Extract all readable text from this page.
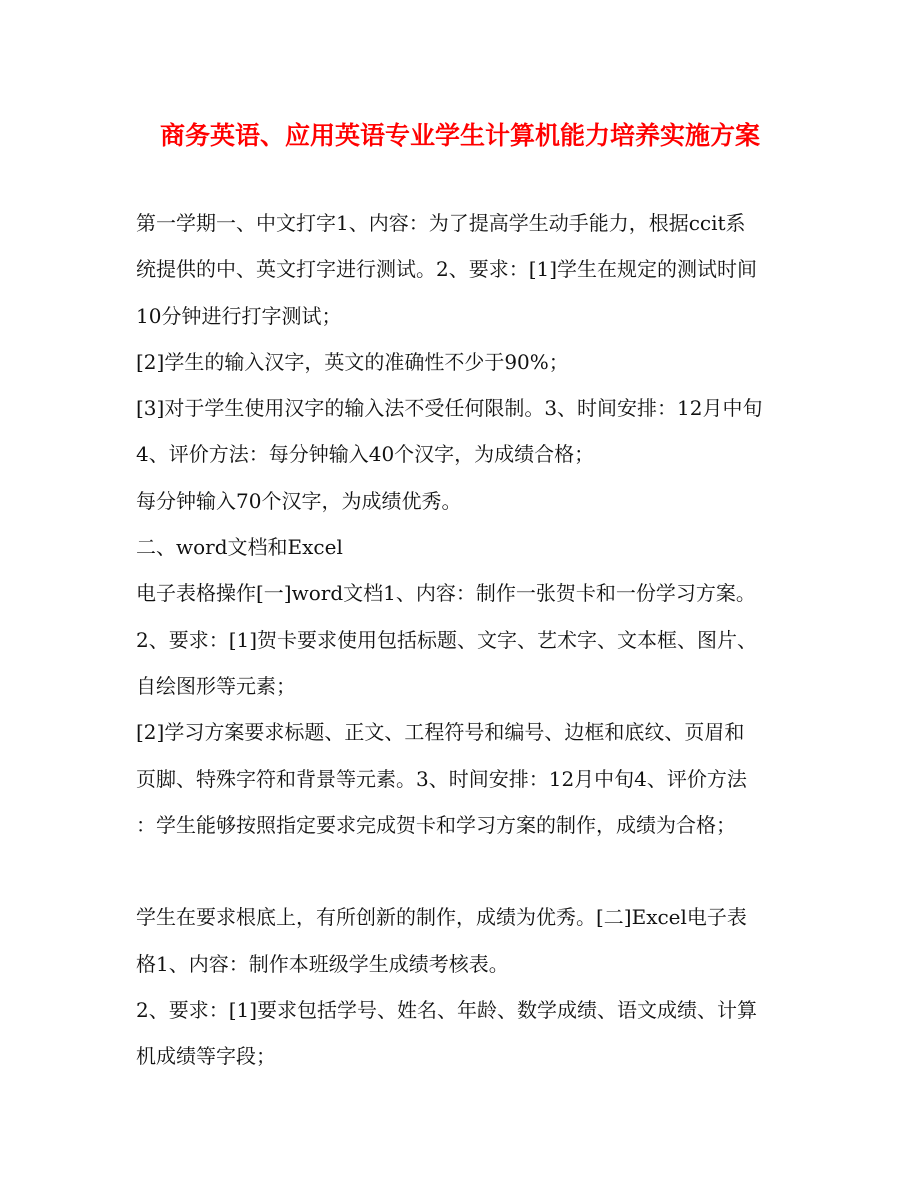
商务英语、应用英语专业学生计算机能力培养实施方案
第一学期一、中文打字1、内容：为了提高学生动手能力，根据ccit系
统提供的中、英文打字进行测试。2、要求：[1]学生在规定的测试时间
10分钟进行打字测试；
[2]学生的输入汉字，英文的准确性不少于90%；
[3]对于学生使用汉字的输入法不受任何限制。3、时间安排：12月中旬
4、评价方法：每分钟输入40个汉字，为成绩合格；
每分钟输入70个汉字，为成绩优秀。
二、word文档和Excel
电子表格操作[一]word文档1、内容：制作一张贺卡和一份学习方案。
2、要求：[1]贺卡要求使用包括标题、文字、艺术字、文本框、图片、
自绘图形等元素；
[2]学习方案要求标题、正文、工程符号和编号、边框和底纹、页眉和
页脚、特殊字符和背景等元素。3、时间安排：12月中旬4、评价方法
：学生能够按照指定要求完成贺卡和学习方案的制作，成绩为合格；
学生在要求根底上，有所创新的制作，成绩为优秀。[二]Excel电子表
格1、内容：制作本班级学生成绩考核表。
2、要求：[1]要求包括学号、姓名、年龄、数学成绩、语文成绩、计算
机成绩等字段；
